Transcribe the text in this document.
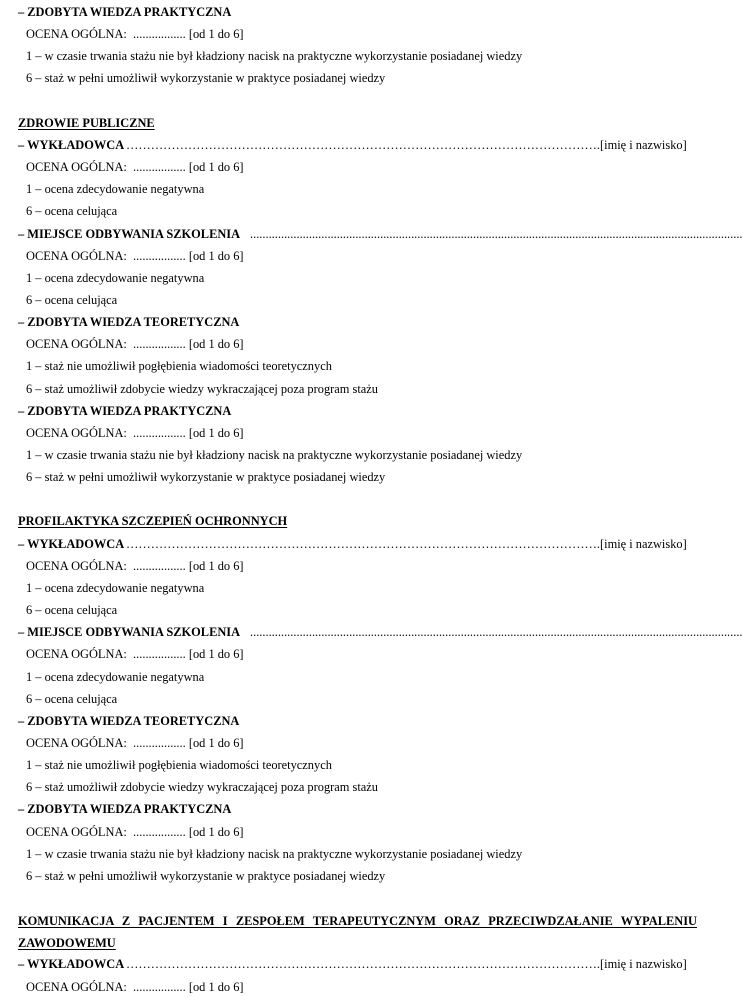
– ZDOBYTA WIEDZA PRAKTYCZNA
OCENA OGÓLNA: ................. [od 1 do 6]
1 – w czasie trwania stażu nie był kładziony nacisk na praktyczne wykorzystanie posiadanej wiedzy
6 – staż w pełni umożliwił wykorzystanie w praktyce posiadanej wiedzy
ZDROWIE PUBLICZNE
– WYKŁADOWCA ……………………………………………………………………………………………………. [imię i nazwisko]
OCENA OGÓLNA: ................. [od 1 do 6]
1 – ocena zdecydowanie negatywna
6 – ocena celująca
– MIEJSCE ODBYWANIA SZKOLENIA ...............................................................................................................................................................
OCENA OGÓLNA: ................. [od 1 do 6]
1 – ocena zdecydowanie negatywna
6 – ocena celująca
– ZDOBYTA WIEDZA TEORETYCZNA
OCENA OGÓLNA: ................. [od 1 do 6]
1 – staż nie umożliwił pogłębienia wiadomości teoretycznych
6 – staż umożliwił zdobycie wiedzy wykraczającej poza program stażu
– ZDOBYTA WIEDZA PRAKTYCZNA
OCENA OGÓLNA: ................. [od 1 do 6]
1 – w czasie trwania stażu nie był kładziony nacisk na praktyczne wykorzystanie posiadanej wiedzy
6 – staż w pełni umożliwił wykorzystanie w praktyce posiadanej wiedzy
PROFILAKTYKA SZCZEPIEŃ OCHRONNYCH
– WYKŁADOWCA ……………………………………………………………………………………………………. [imię i nazwisko]
OCENA OGÓLNA: ................. [od 1 do 6]
1 – ocena zdecydowanie negatywna
6 – ocena celująca
– MIEJSCE ODBYWANIA SZKOLENIA ...............................................................................................................................................................
OCENA OGÓLNA: ................. [od 1 do 6]
1 – ocena zdecydowanie negatywna
6 – ocena celująca
– ZDOBYTA WIEDZA TEORETYCZNA
OCENA OGÓLNA: ................. [od 1 do 6]
1 – staż nie umożliwił pogłębienia wiadomości teoretycznych
6 – staż umożliwił zdobycie wiedzy wykraczającej poza program stażu
– ZDOBYTA WIEDZA PRAKTYCZNA
OCENA OGÓLNA: ................. [od 1 do 6]
1 – w czasie trwania stażu nie był kładziony nacisk na praktyczne wykorzystanie posiadanej wiedzy
6 – staż w pełni umożliwił wykorzystanie w praktyce posiadanej wiedzy
KOMUNIKACJA Z PACJENTEM I ZESPOŁEM TERAPEUTYCZNYM ORAZ PRZECIWDZAŁANIE WYPALENIU ZAWODOWEMU
– WYKŁADOWCA ……………………………………………………………………………………………………. [imię i nazwisko]
OCENA OGÓLNA: ................. [od 1 do 6]
